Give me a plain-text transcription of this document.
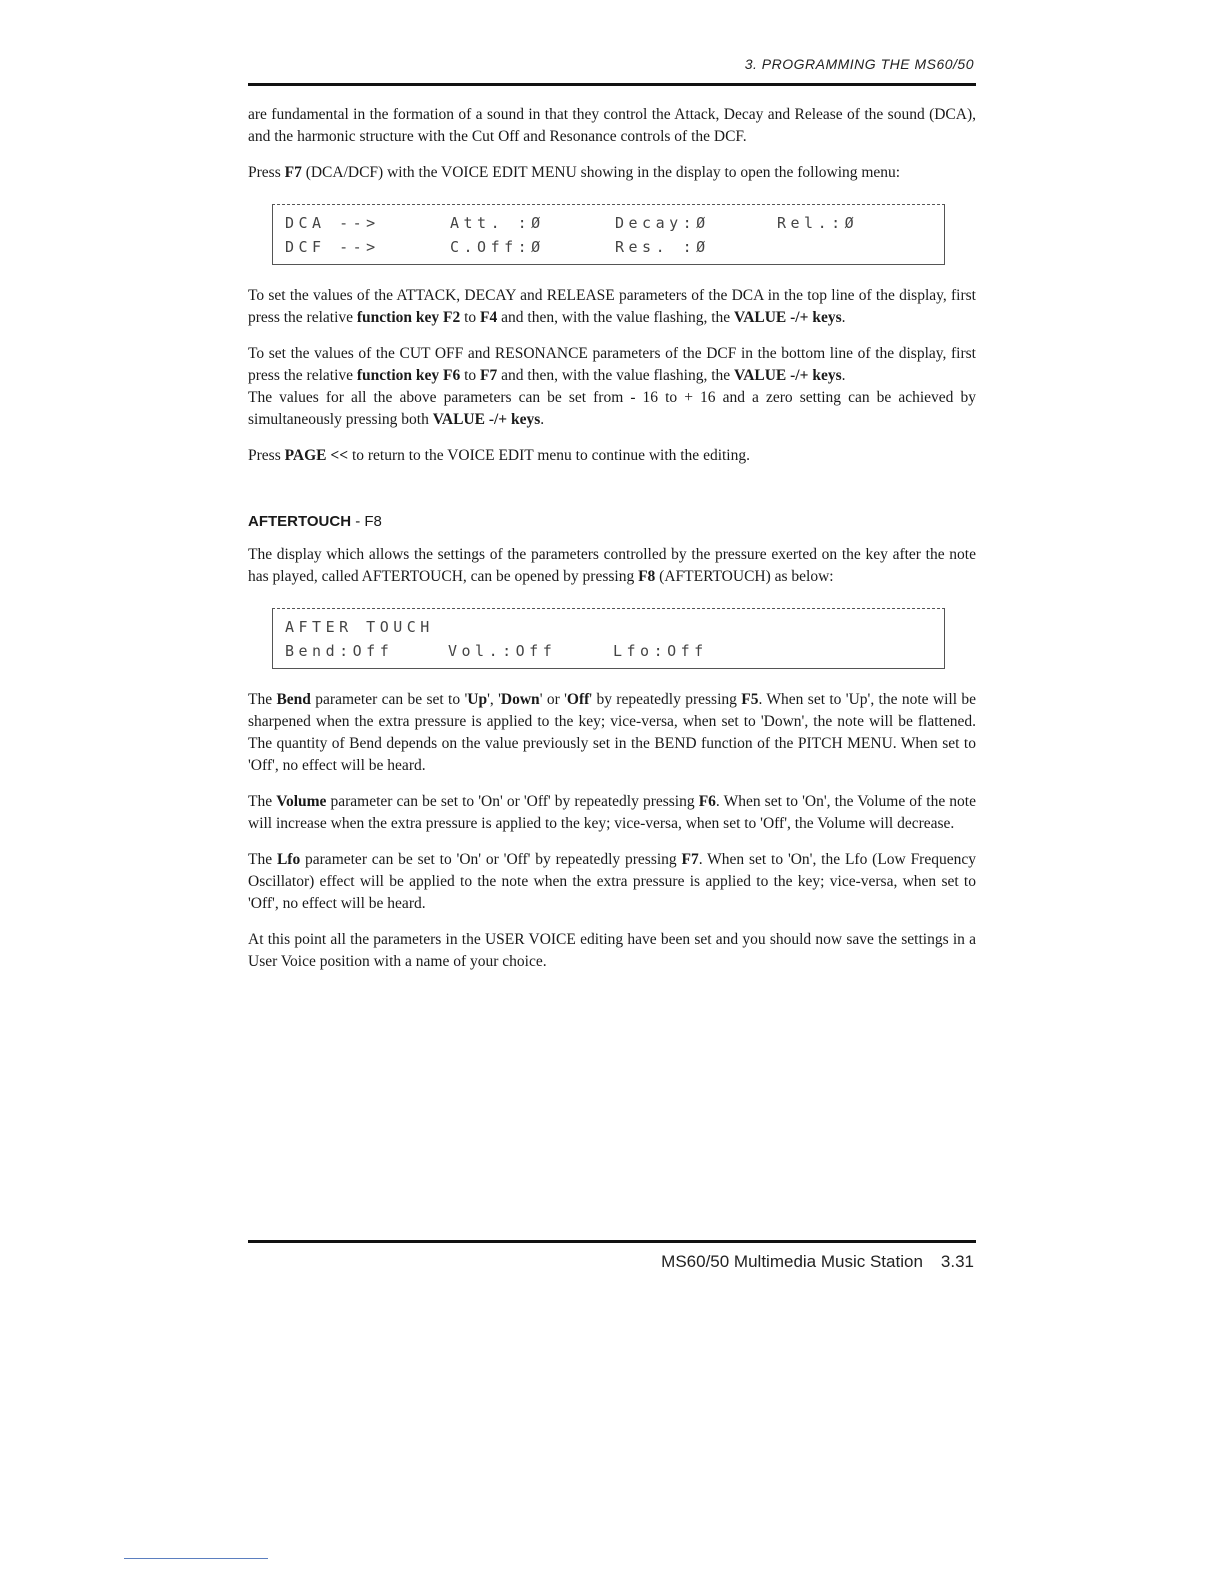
3. PROGRAMMING THE MS60/50

are fundamental in the formation of a sound in that they control the Attack, Decay and Release of the sound (DCA), and the harmonic structure with the Cut Off and Resonance controls of the DCF.

Press F7 (DCA/DCF) with the VOICE EDIT MENU showing in the display to open the following menu:

DCA -->	Att. :Ø	Decay:Ø	Rel.:Ø
DCF -->	C.Off:Ø	Res. :Ø

To set the values of the ATTACK, DECAY and RELEASE parameters of the DCA in the top line of the display, first press the relative function key F2 to F4 and then, with the value flashing, the VALUE -/+ keys.

To set the values of the CUT OFF and RESONANCE parameters of the DCF in the bottom line of the display, first press the relative function key F6 to F7 and then, with the value flashing, the VALUE -/+ keys.

The values for all the above parameters can be set from - 16 to + 16 and a zero setting can be achieved by simultaneously pressing both VALUE -/+ keys.

Press PAGE << to return to the VOICE EDIT menu to continue with the editing.

AFTERTOUCH - F8

The display which allows the settings of the parameters controlled by the pressure exerted on the key after the note has played, called AFTERTOUCH, can be opened by pressing F8 (AFTERTOUCH) as below:

AFTER TOUCH
Bend:Off	Vol.:Off	Lfo:Off

The Bend parameter can be set to 'Up', 'Down' or 'Off' by repeatedly pressing F5. When set to 'Up', the note will be sharpened when the extra pressure is applied to the key; vice-versa, when set to 'Down', the note will be flattened. The quantity of Bend depends on the value previously set in the BEND function of the PITCH MENU. When set to 'Off', no effect will be heard.

The Volume parameter can be set to 'On' or 'Off' by repeatedly pressing F6. When set to 'On', the Volume of the note will increase when the extra pressure is applied to the key; vice-versa, when set to 'Off', the Volume will decrease.

The Lfo parameter can be set to 'On' or 'Off' by repeatedly pressing F7. When set to 'On', the Lfo (Low Frequency Oscillator) effect will be applied to the note when the extra pressure is applied to the key; vice-versa, when set to 'Off', no effect will be heard.

At this point all the parameters in the USER VOICE editing have been set and you should now save the settings in a User Voice position with a name of your choice.

MS60/50 Multimedia Music Station 3.31
